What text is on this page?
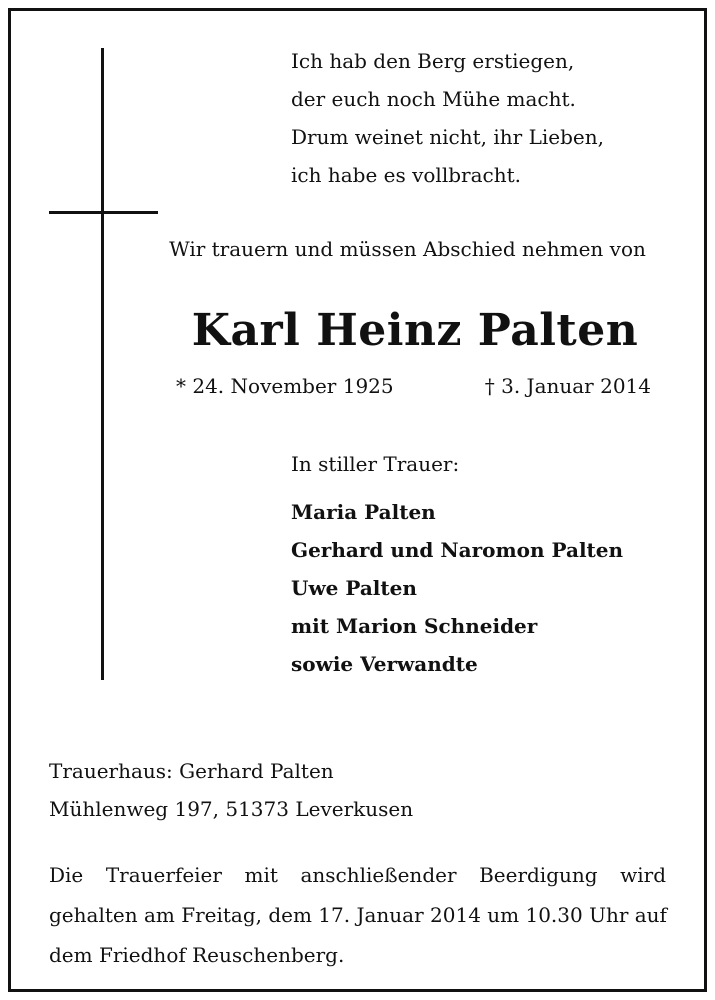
Ich hab den Berg erstiegen,
der euch noch Mühe macht.
Drum weinet nicht, ihr Lieben,
ich habe es vollbracht.
Wir trauern und müssen Abschied nehmen von
Karl Heinz Palten
* 24. November 1925	† 3. Januar 2014
In stiller Trauer:
Maria Palten
Gerhard und Naromon Palten
Uwe Palten
mit Marion Schneider
sowie Verwandte
Trauerhaus: Gerhard Palten
Mühlenweg 197, 51373 Leverkusen
Die Trauerfeier mit anschließender Beerdigung wird
gehalten am Freitag, dem 17. Januar 2014 um 10.30 Uhr auf
dem Friedhof Reuschenberg.
